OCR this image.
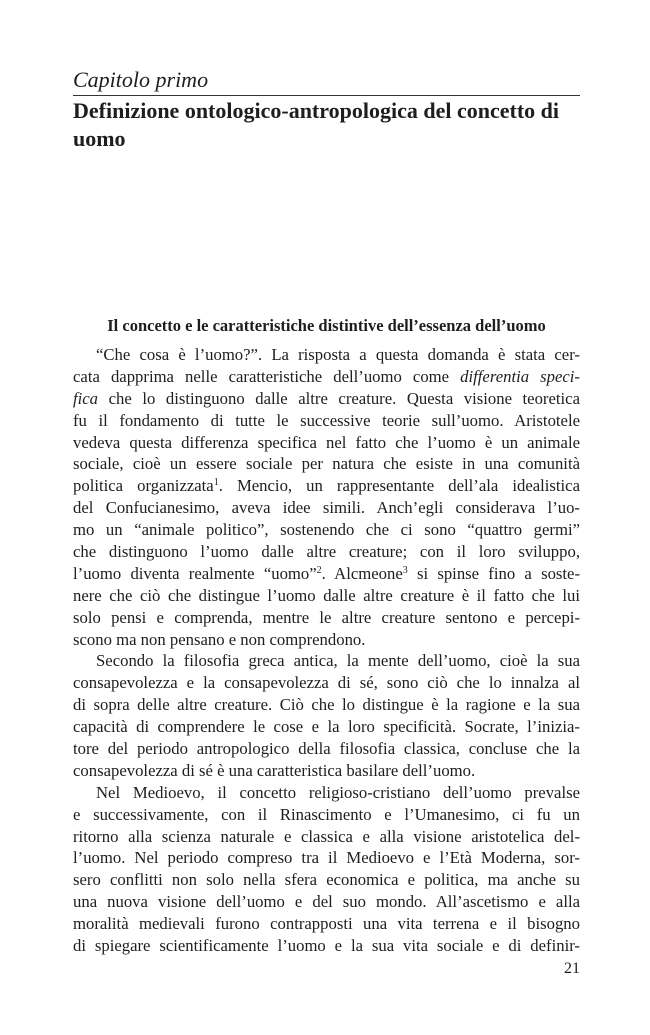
Capitolo primo
Definizione ontologico-antropologica del concetto di uomo
Il concetto e le caratteristiche distintive dell’essenza dell’uomo
“Che cosa è l’uomo?”. La risposta a questa domanda è stata cer-
cata dapprima nelle caratteristiche dell’uomo come differentia speci-
fica che lo distinguono dalle altre creature. Questa visione teoretica
fu il fondamento di tutte le successive teorie sull’uomo. Aristotele
vedeva questa differenza specifica nel fatto che l’uomo è un animale
sociale, cioè un essere sociale per natura che esiste in una comunità
politica organizzata$^1$. Mencio, un rappresentante dell’ala idealistica
del Confucianesimo, aveva idee simili. Anch’egli considerava l’uo-
mo un “animale politico”, sostenendo che ci sono “quattro germi”
che distinguono l’uomo dalle altre creature; con il loro sviluppo,
l’uomo diventa realmente “uomo”$^2$. Alcmeone$^3$ si spinse fino a soste-
nere che ciò che distingue l’uomo dalle altre creature è il fatto che lui
solo pensi e comprenda, mentre le altre creature sentono e percepi-
scono ma non pensano e non comprendono.
Secondo la filosofia greca antica, la mente dell’uomo, cioè la sua
consapevolezza e la consapevolezza di sé, sono ciò che lo innalza al
di sopra delle altre creature. Ciò che lo distingue è la ragione e la sua
capacità di comprendere le cose e la loro specificità. Socrate, l’inizia-
tore del periodo antropologico della filosofia classica, concluse che la
consapevolezza di sé è una caratteristica basilare dell’uomo.
Nel Medioevo, il concetto religioso-cristiano dell’uomo prevalse
e successivamente, con il Rinascimento e l’Umanesimo, ci fu un
ritorno alla scienza naturale e classica e alla visione aristotelica del-
l’uomo. Nel periodo compreso tra il Medioevo e l’Età Moderna, sor-
sero conflitti non solo nella sfera economica e politica, ma anche su
una nuova visione dell’uomo e del suo mondo. All’ascetismo e alla
moralità medievali furono contrapposti una vita terrena e il bisogno
di spiegare scientificamente l’uomo e la sua vita sociale e di definir-
21
